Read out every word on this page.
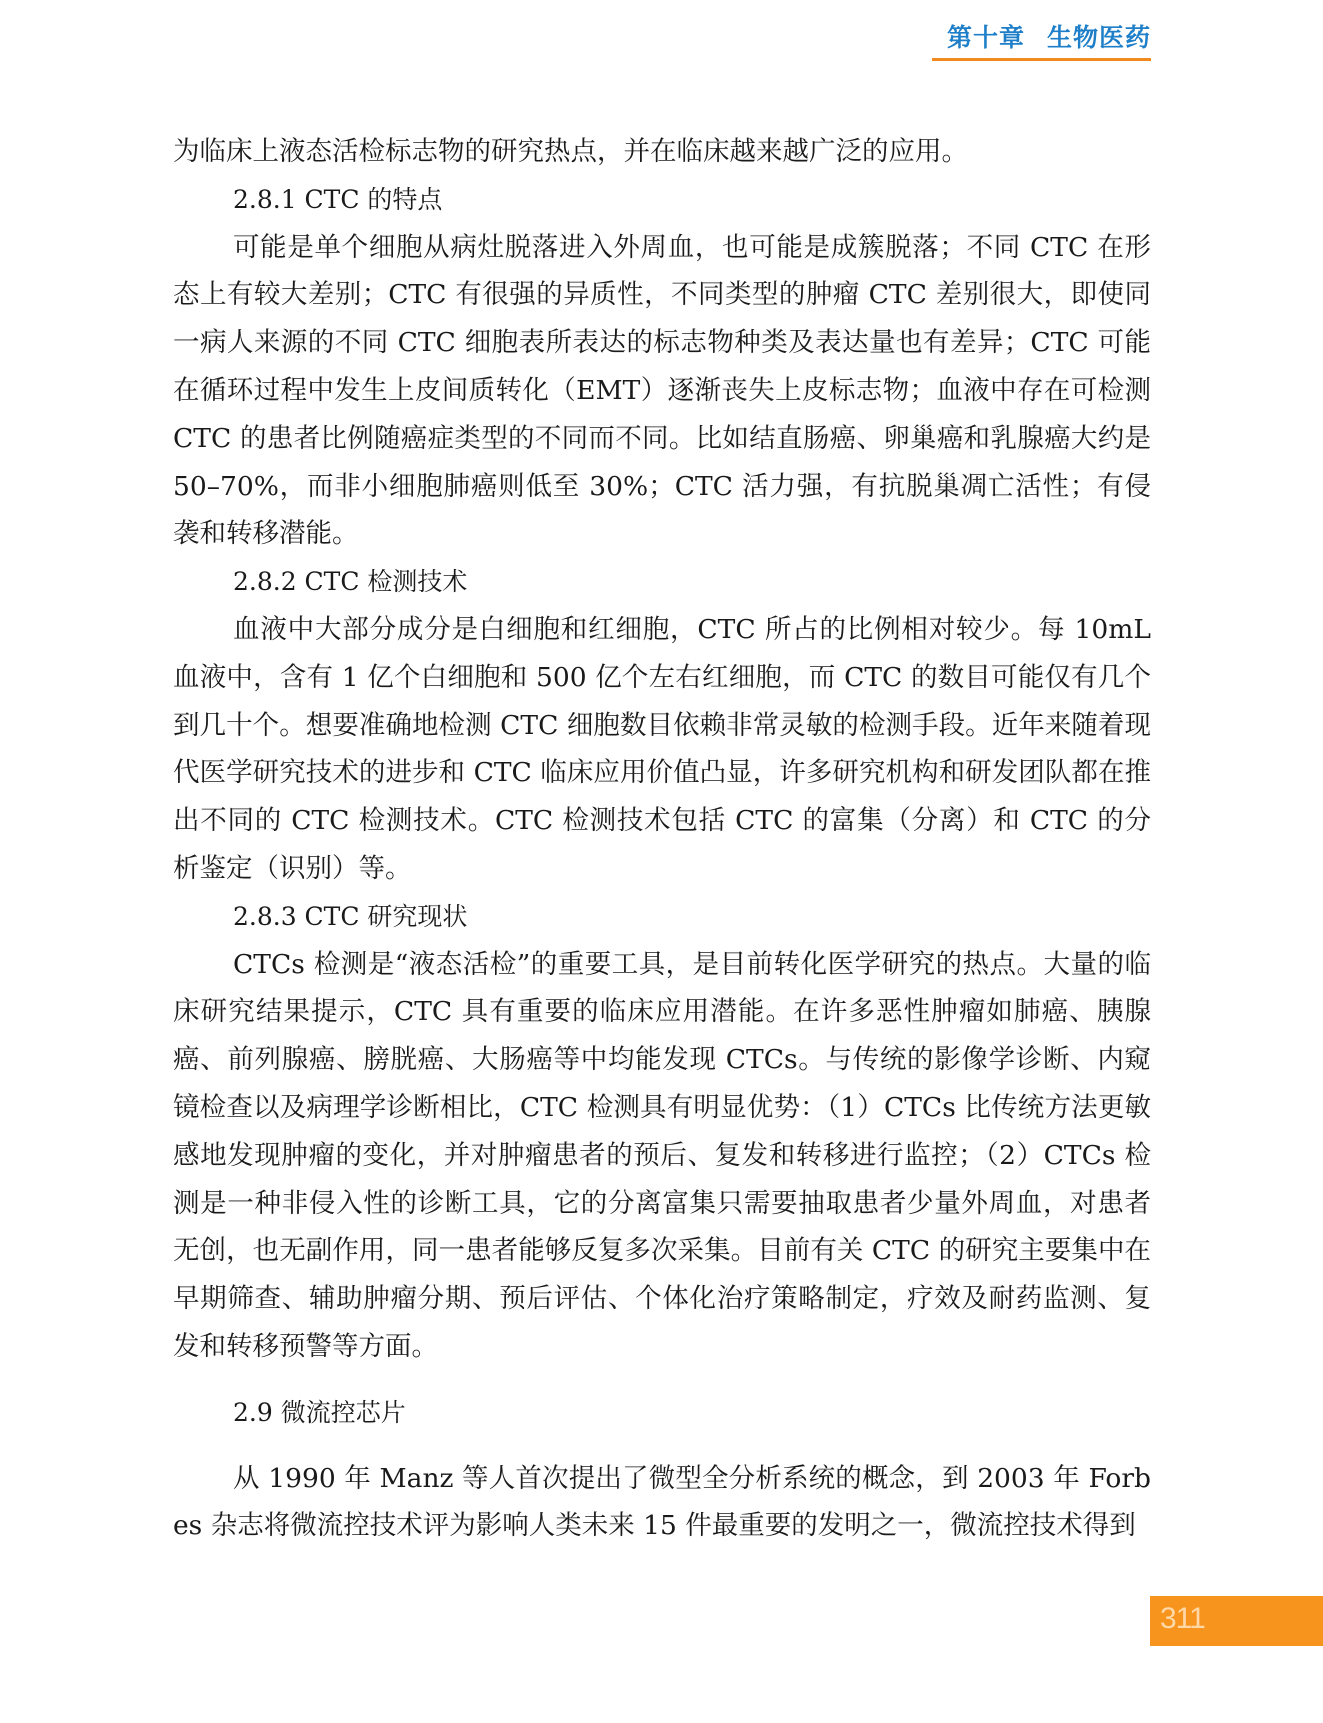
第十章 生物医药

为临床上液态活检标志物的研究热点，并在临床越来越广泛的应用。

2.8.1 CTC 的特点

可能是单个细胞从病灶脱落进入外周血，也可能是成簇脱落；不同 CTC 在形态上有较大差别；CTC 有很强的异质性，不同类型的肿瘤 CTC 差别很大，即使同一病人来源的不同 CTC 细胞表所表达的标志物种类及表达量也有差异；CTC 可能在循环过程中发生上皮间质转化（EMT）逐渐丧失上皮标志物；血液中存在可检测 CTC 的患者比例随癌症类型的不同而不同。比如结直肠癌、卵巢癌和乳腺癌大约是 50–70%，而非小细胞肺癌则低至 30%；CTC 活力强，有抗脱巢凋亡活性；有侵袭和转移潜能。

2.8.2 CTC 检测技术

血液中大部分成分是白细胞和红细胞，CTC 所占的比例相对较少。每 10mL 血液中，含有 1 亿个白细胞和 500 亿个左右红细胞，而 CTC 的数目可能仅有几个到几十个。想要准确地检测 CTC 细胞数目依赖非常灵敏的检测手段。近年来随着现代医学研究技术的进步和 CTC 临床应用价值凸显，许多研究机构和研发团队都在推出不同的 CTC 检测技术。CTC 检测技术包括 CTC 的富集（分离）和 CTC 的分析鉴定（识别）等。

2.8.3 CTC 研究现状

CTCs 检测是“液态活检”的重要工具，是目前转化医学研究的热点。大量的临床研究结果提示，CTC 具有重要的临床应用潜能。在许多恶性肿瘤如肺癌、胰腺癌、前列腺癌、膀胱癌、大肠癌等中均能发现 CTCs。与传统的影像学诊断、内窥镜检查以及病理学诊断相比，CTC 检测具有明显优势：（1）CTCs 比传统方法更敏感地发现肿瘤的变化，并对肿瘤患者的预后、复发和转移进行监控；（2）CTCs 检测是一种非侵入性的诊断工具，它的分离富集只需要抽取患者少量外周血，对患者无创，也无副作用，同一患者能够反复多次采集。目前有关 CTC 的研究主要集中在早期筛查、辅助肿瘤分期、预后评估、个体化治疗策略制定，疗效及耐药监测、复发和转移预警等方面。

2.9 微流控芯片

从 1990 年 Manz 等人首次提出了微型全分析系统的概念，到 2003 年 Forbes 杂志将微流控技术评为影响人类未来 15 件最重要的发明之一，微流控技术得到

311
